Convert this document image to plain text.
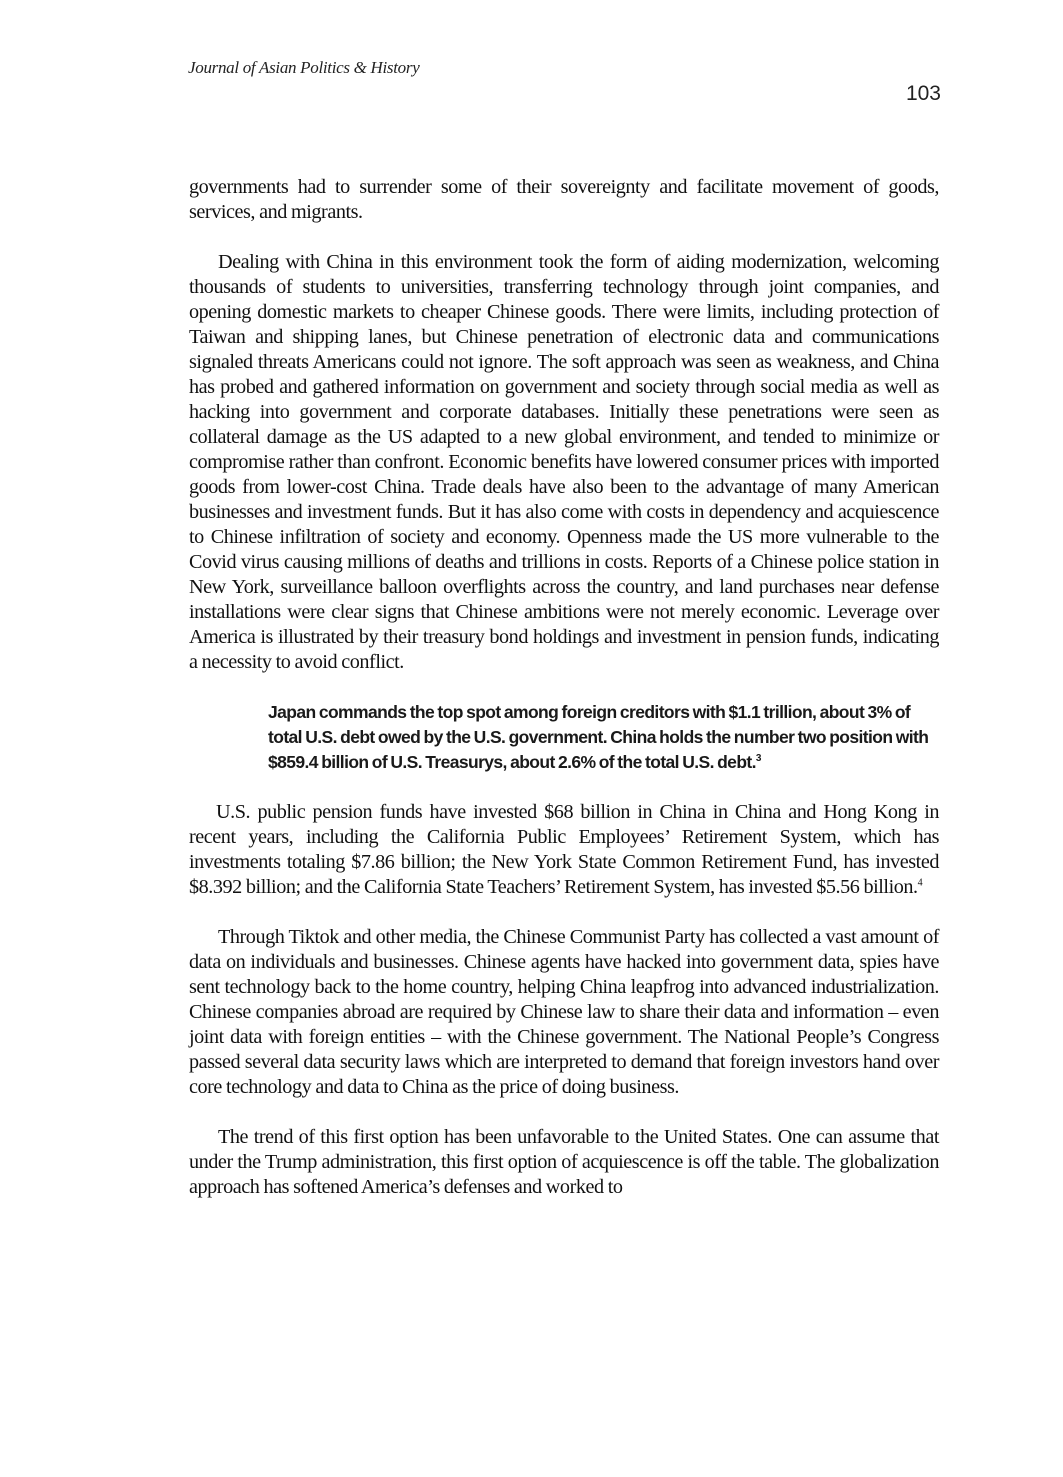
Journal of Asian Politics & History
103

governments had to surrender some of their sovereignty and facilitate movement of goods, services, and migrants.

Dealing with China in this environment took the form of aiding modernization, welcoming thousands of students to universities, transferring technology through joint companies, and opening domestic markets to cheaper Chinese goods. There were limits, including protection of Taiwan and shipping lanes, but Chinese penetration of electronic data and communications signaled threats Americans could not ignore. The soft approach was seen as weakness, and China has probed and gathered information on government and society through social media as well as hacking into government and corporate databases. Initially these penetrations were seen as collateral damage as the US adapted to a new global environment, and tended to minimize or compromise rather than confront. Economic benefits have lowered consumer prices with imported goods from lower-cost China. Trade deals have also been to the advantage of many American businesses and investment funds. But it has also come with costs in dependency and acquiescence to Chinese infiltration of society and economy. Openness made the US more vulnerable to the Covid virus causing millions of deaths and trillions in costs. Reports of a Chinese police station in New York, surveillance balloon overflights across the country, and land purchases near defense installations were clear signs that Chinese ambitions were not merely economic. Leverage over America is illustrated by their treasury bond holdings and investment in pension funds, indicating a necessity to avoid conflict.

Japan commands the top spot among foreign creditors with $1.1 trillion, about 3% of total U.S. debt owed by the U.S. government. China holds the number two position with $859.4 billion of U.S. Treasurys, about 2.6% of the total U.S. debt.$^3$

U.S. public pension funds have invested $68 billion in China in China and Hong Kong in recent years, including the California Public Employees’ Retirement System, which has investments totaling $7.86 billion; the New York State Common Retirement Fund, has invested $8.392 billion; and the California State Teachers’ Retirement System, has invested $5.56 billion.$^4$

Through Tiktok and other media, the Chinese Communist Party has collected a vast amount of data on individuals and businesses. Chinese agents have hacked into government data, spies have sent technology back to the home country, helping China leapfrog into advanced industrialization. Chinese companies abroad are required by Chinese law to share their data and information – even joint data with foreign entities – with the Chinese government. The National People’s Congress passed several data security laws which are interpreted to demand that foreign investors hand over core technology and data to China as the price of doing business.

The trend of this first option has been unfavorable to the United States. One can assume that under the Trump administration, this first option of acquiescence is off the table. The globalization approach has softened America’s defenses and worked to
